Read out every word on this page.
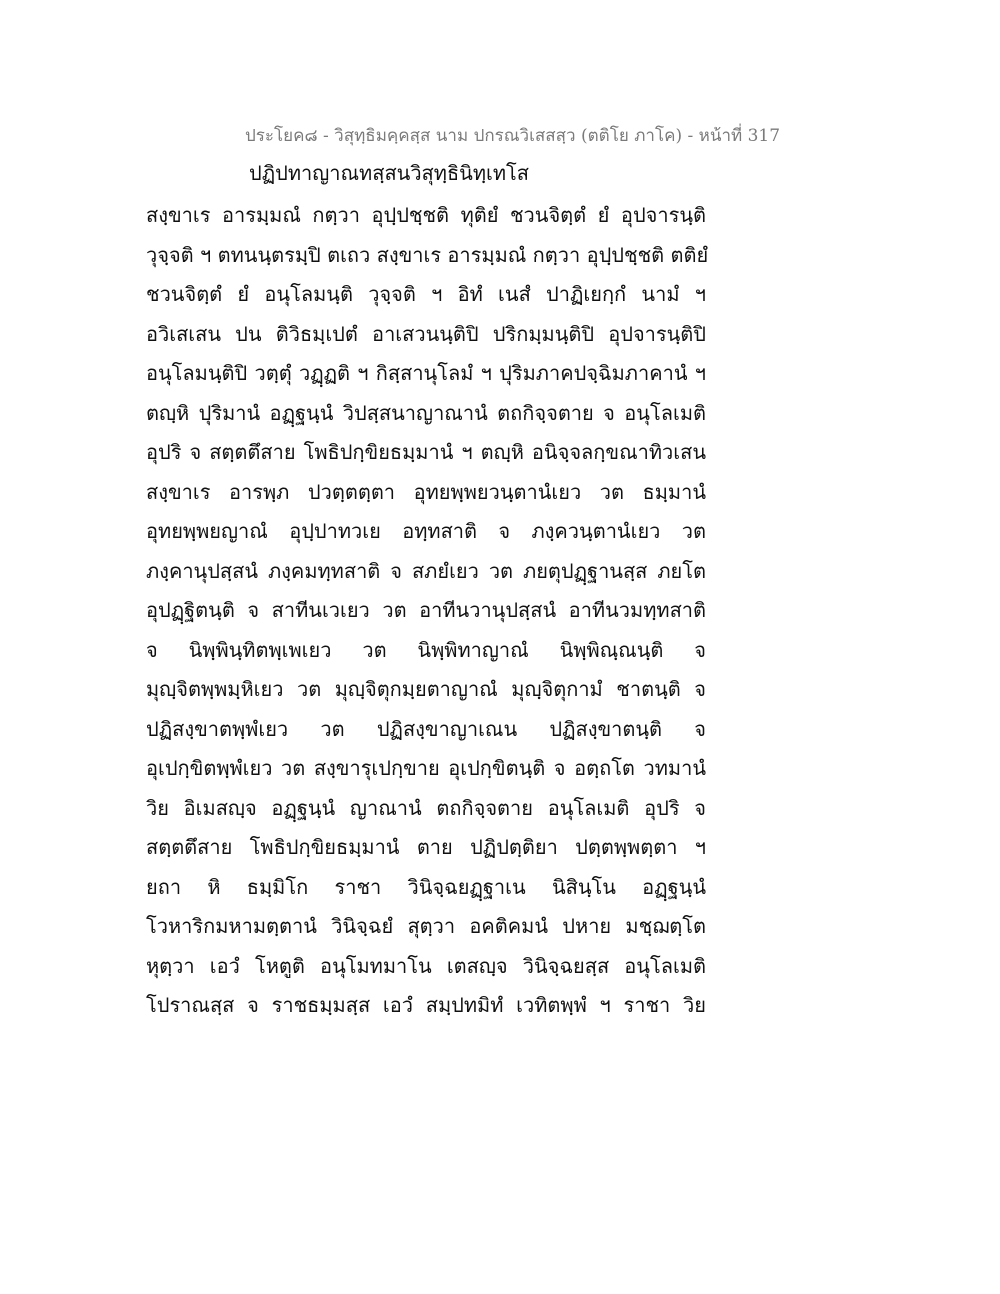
ประโยค๘ - วิสุทฺธิมคฺคสฺส นาม ปกรณวิเสสสฺว (ตติโย ภาโค) - หน้าที่ 317
ปฏิปทาญาณทสฺสนวิสุทฺธินิทฺเทโส
สงฺขาเร อารมฺมณํ กตฺวา อุปฺปชฺชติ ทุติยํ ชวนจิตฺตํ ยํ อุปจารนฺติ
วุจฺจติ ฯ ตทนนฺตรมฺปิ ตเถว สงฺขาเร อารมฺมณํ กตฺวา อุปฺปชฺชติ ตติยํ
ชวนจิตฺตํ ยํ อนุโลมนฺติ วุจฺจติ ฯ อิทํ เนสํ ปาฏิเยกฺกํ นามํ ฯ
อวิเสเสน ปน ติวิธมฺเปตํ อาเสวนนฺติปิ ปริกมฺมนฺติปิ อุปจารนฺติปิ
อนุโลมนฺติปิ วตฺตุํ วฏฺฏติ ฯ กิสฺสานุโลมํ ฯ ปุริมภาคปจฺฉิมภาคานํ ฯ
ตญฺหิ ปุริมานํ อฏฺฐนฺนํ วิปสฺสนาญาณานํ ตถกิจฺจตาย จ อนุโลเมติ
อุปริ จ สตฺตตึสาย โพธิปกฺขิยธมฺมานํ ฯ ตญฺหิ อนิจฺจลกฺขณาทิวเสน
สงฺขาเร อารพฺภ ปวตฺตตฺตา อุทยพฺพยวนฺตานํเยว วต ธมฺมานํ
อุทยพฺพยญาณํ อุปฺปาทวเย อทฺทสาติ จ ภงฺควนฺตานํเยว วต
ภงฺคานุปสฺสนํ ภงฺคมทฺทสาติ จ สภยํเยว วต ภยตุปฏฺฐานสฺส ภยโต
อุปฏฺฐิตนฺติ จ สาทีนเวเยว วต อาทีนวานุปสฺสนํ อาทีนวมทฺทสาติ
จ นิพฺพินฺทิตพฺเพเยว วต นิพฺพิทาญาณํ นิพฺพิณฺณนฺติ จ
มุญฺจิตพฺพมฺหิเยว วต มุญฺจิตุกมฺยตาญาณํ มุญฺจิตุกามํ ชาตนฺติ จ
ปฏิสงฺขาตพฺพํเยว วต ปฏิสงฺขาญาเณน ปฏิสงฺขาตนฺติ จ
อุเปกฺขิตพฺพํเยว วต สงฺขารุเปกฺขาย อุเปกฺขิตนฺติ จ อตฺถโต วทมานํ
วิย อิเมสญฺจ อฏฺฐนฺนํ ญาณานํ ตถกิจฺจตาย อนุโลเมติ อุปริ จ
สตฺตตึสาย โพธิปกฺขิยธมฺมานํ ตาย ปฏิปตฺติยา ปตฺตพฺพตฺตา ฯ
ยถา หิ ธมฺมิโก ราชา วินิจฺฉยฏฺฐาเน นิสินฺโน อฏฺฐนฺนํ
โวหาริกมหามตฺตานํ วินิจฺฉยํ สุตฺวา อคติคมนํ ปหาย มชฺฌตฺโต
หุตฺวา เอวํ โหตูติ อนุโมทมาโน เตสญฺจ วินิจฺฉยสฺส อนุโลเมติ
โปราณสฺส จ ราชธมฺมสฺส เอวํ สมฺปทมิทํ เวทิตพฺพํ ฯ ราชา วิย
